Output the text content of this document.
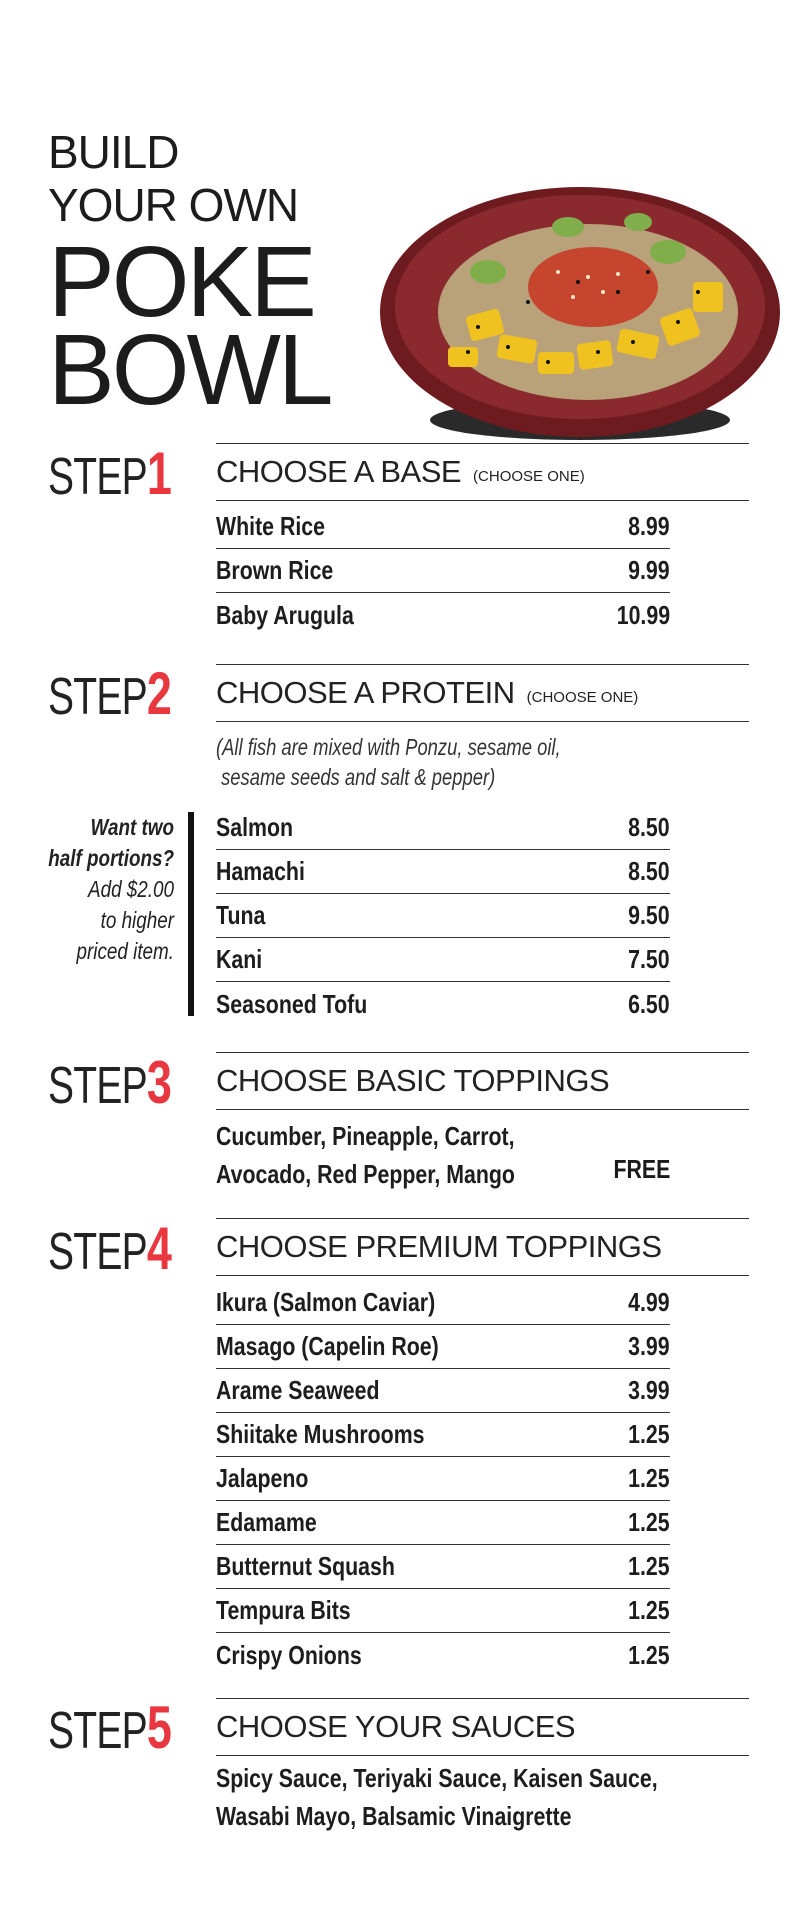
BUILD
YOUR OWN
POKE
BOWL
STEP1 CHOOSE A BASE (CHOOSE ONE)
White Rice	8.99
Brown Rice	9.99
Baby Arugula	10.99
STEP2 CHOOSE A PROTEIN (CHOOSE ONE)
(All fish are mixed with Ponzu, sesame oil,
sesame seeds and salt & pepper)
Want two
half portions?
Add $2.00
to higher
priced item.
Salmon	8.50
Hamachi	8.50
Tuna	9.50
Kani	7.50
Seasoned Tofu	6.50
STEP3 CHOOSE BASIC TOPPINGS
Cucumber, Pineapple, Carrot,
Avocado, Red Pepper, Mango	FREE
STEP4 CHOOSE PREMIUM TOPPINGS
Ikura (Salmon Caviar)	4.99
Masago (Capelin Roe)	3.99
Arame Seaweed	3.99
Shiitake Mushrooms	1.25
Jalapeno	1.25
Edamame	1.25
Butternut Squash	1.25
Tempura Bits	1.25
Crispy Onions	1.25
STEP5 CHOOSE YOUR SAUCES
Spicy Sauce, Teriyaki Sauce, Kaisen Sauce,
Wasabi Mayo, Balsamic Vinaigrette
